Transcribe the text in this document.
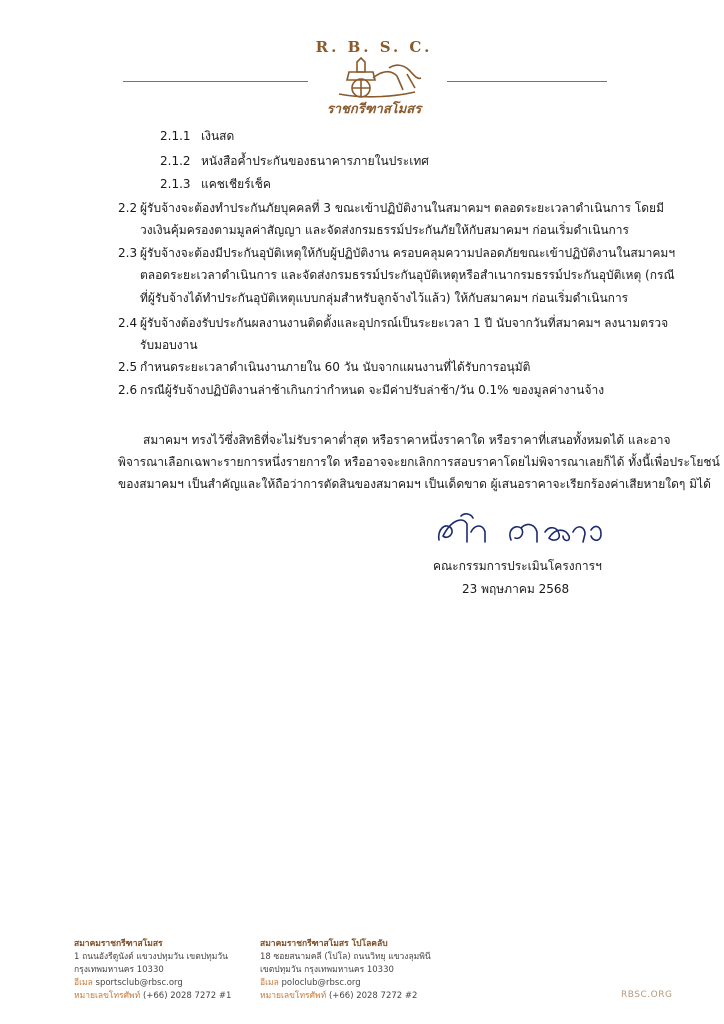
R. B. S. C.
ราชกรีฑาสโมสร
2.1.1 เงินสด
2.1.2 หนังสือค้ำประกันของธนาคารภายในประเทศ
2.1.3 แคชเชียร์เช็ค
2.2 ผู้รับจ้างจะต้องทำประกันภัยบุคคลที่ 3 ขณะเข้าปฏิบัติงานในสมาคมฯ ตลอดระยะเวลาดำเนินการ โดยมี
วงเงินคุ้มครองตามมูลค่าสัญญา และจัดส่งกรมธรรม์ประกันภัยให้กับสมาคมฯ ก่อนเริ่มดำเนินการ
2.3 ผู้รับจ้างจะต้องมีประกันอุบัติเหตุให้กับผู้ปฏิบัติงาน ครอบคลุมความปลอดภัยขณะเข้าปฏิบัติงานในสมาคมฯ
ตลอดระยะเวลาดำเนินการ และจัดส่งกรมธรรม์ประกันอุบัติเหตุหรือสำเนากรมธรรม์ประกันอุบัติเหตุ (กรณี
ที่ผู้รับจ้างได้ทำประกันอุบัติเหตุแบบกลุ่มสำหรับลูกจ้างไว้แล้ว) ให้กับสมาคมฯ ก่อนเริ่มดำเนินการ
2.4 ผู้รับจ้างต้องรับประกันผลงานงานติดตั้งและอุปกรณ์เป็นระยะเวลา 1 ปี นับจากวันที่สมาคมฯ ลงนามตรวจ
รับมอบงาน
2.5 กำหนดระยะเวลาดำเนินงานภายใน 60 วัน นับจากแผนงานที่ได้รับการอนุมัติ
2.6 กรณีผู้รับจ้างปฏิบัติงานล่าช้าเกินกว่ากำหนด จะมีค่าปรับล่าช้า/วัน 0.1% ของมูลค่างานจ้าง
สมาคมฯ ทรงไว้ซึ่งสิทธิที่จะไม่รับราคาต่ำสุด หรือราคาหนึ่งราคาใด หรือราคาที่เสนอทั้งหมดได้ และอาจ
พิจารณาเลือกเฉพาะรายการหนึ่งรายการใด หรืออาจจะยกเลิกการสอบราคาโดยไม่พิจารณาเลยก็ได้ ทั้งนี้เพื่อประโยชน์
ของสมาคมฯ เป็นสำคัญและให้ถือว่าการตัดสินของสมาคมฯ เป็นเด็ดขาด ผู้เสนอราคาจะเรียกร้องค่าเสียหายใดๆ มิได้
คณะกรรมการประเมินโครงการฯ
23 พฤษภาคม 2568
สมาคมราชกรีฑาสโมสร
1 ถนนอังรีดูนังต์ แขวงปทุมวัน เขตปทุมวัน
กรุงเทพมหานคร 10330
อีเมล sportsclub@rbsc.org
หมายเลขโทรศัพท์ (+66) 2028 7272 #1
สมาคมราชกรีฑาสโมสร โปโลคลับ
18 ซอยสนามคลี (โปโล) ถนนวิทยุ แขวงลุมพินี
เขตปทุมวัน กรุงเทพมหานคร 10330
อีเมล poloclub@rbsc.org
หมายเลขโทรศัพท์ (+66) 2028 7272 #2	RBSC.ORG
